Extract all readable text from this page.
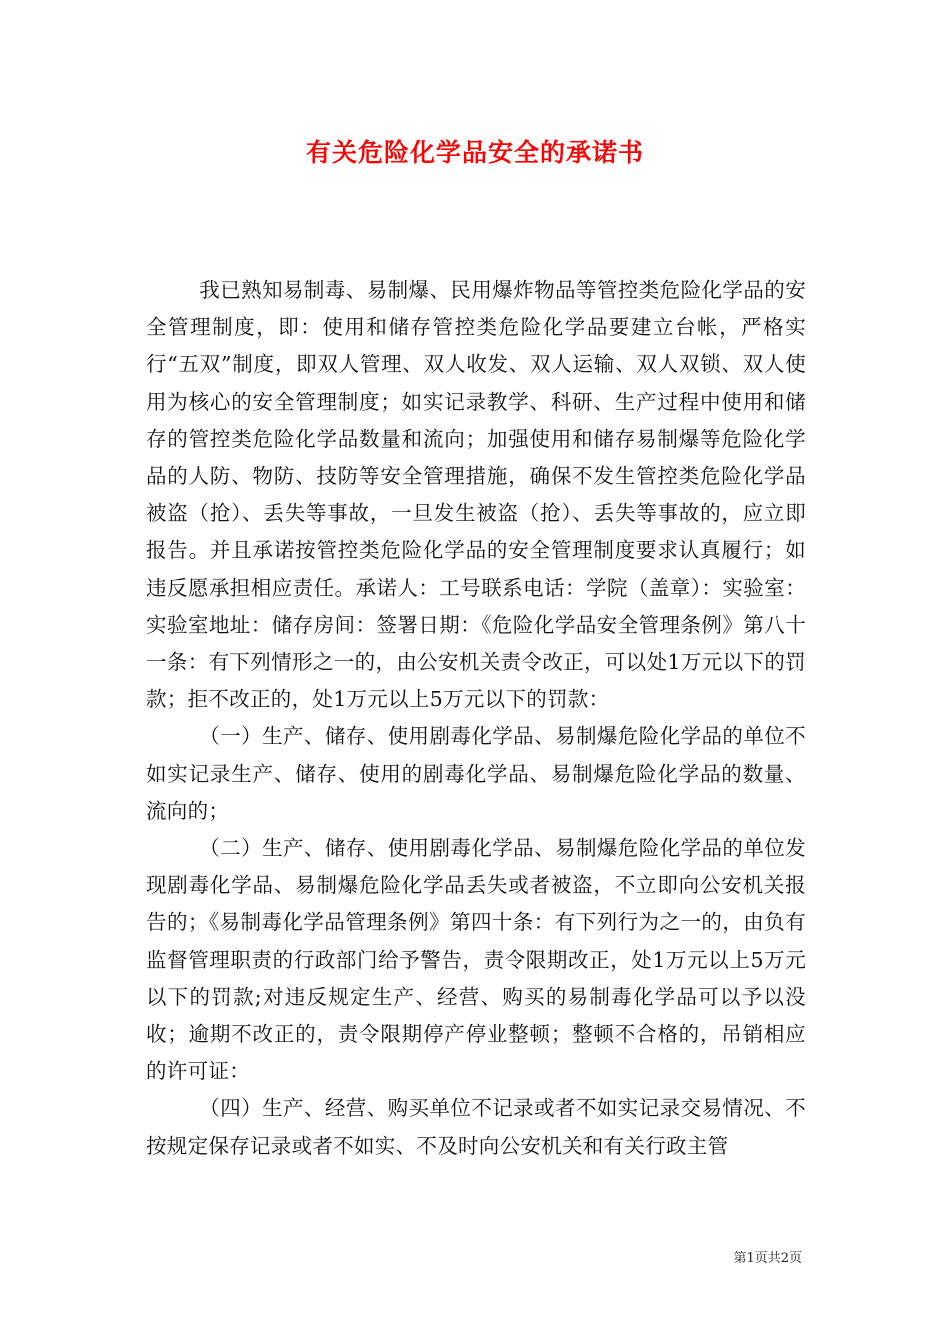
有关危险化学品安全的承诺书

我已熟知易制毒、易制爆、民用爆炸物品等管控类危险化学品的安全管理制度，即：使用和储存管控类危险化学品要建立台帐，严格实行“五双”制度，即双人管理、双人收发、双人运输、双人双锁、双人使用为核心的安全管理制度；如实记录教学、科研、生产过程中使用和储存的管控类危险化学品数量和流向；加强使用和储存易制爆等危险化学品的人防、物防、技防等安全管理措施，确保不发生管控类危险化学品被盗（抢）、丢失等事故，一旦发生被盗（抢）、丢失等事故的，应立即报告。并且承诺按管控类危险化学品的安全管理制度要求认真履行；如违反愿承担相应责任。承诺人：工号联系电话：学院（盖章）：实验室：实验室地址：储存房间：签署日期：《危险化学品安全管理条例》第八十一条：有下列情形之一的，由公安机关责令改正，可以处1万元以下的罚款；拒不改正的，处1万元以上5万元以下的罚款：

（一）生产、储存、使用剧毒化学品、易制爆危险化学品的单位不如实记录生产、储存、使用的剧毒化学品、易制爆危险化学品的数量、流向的；

（二）生产、储存、使用剧毒化学品、易制爆危险化学品的单位发现剧毒化学品、易制爆危险化学品丢失或者被盗，不立即向公安机关报告的；《易制毒化学品管理条例》第四十条：有下列行为之一的，由负有监督管理职责的行政部门给予警告，责令限期改正，处1万元以上5万元以下的罚款;对违反规定生产、经营、购买的易制毒化学品可以予以没收；逾期不改正的，责令限期停产停业整顿；整顿不合格的，吊销相应的许可证：

（四）生产、经营、购买单位不记录或者不如实记录交易情况、不按规定保存记录或者不如实、不及时向公安机关和有关行政主管

第1页共2页
